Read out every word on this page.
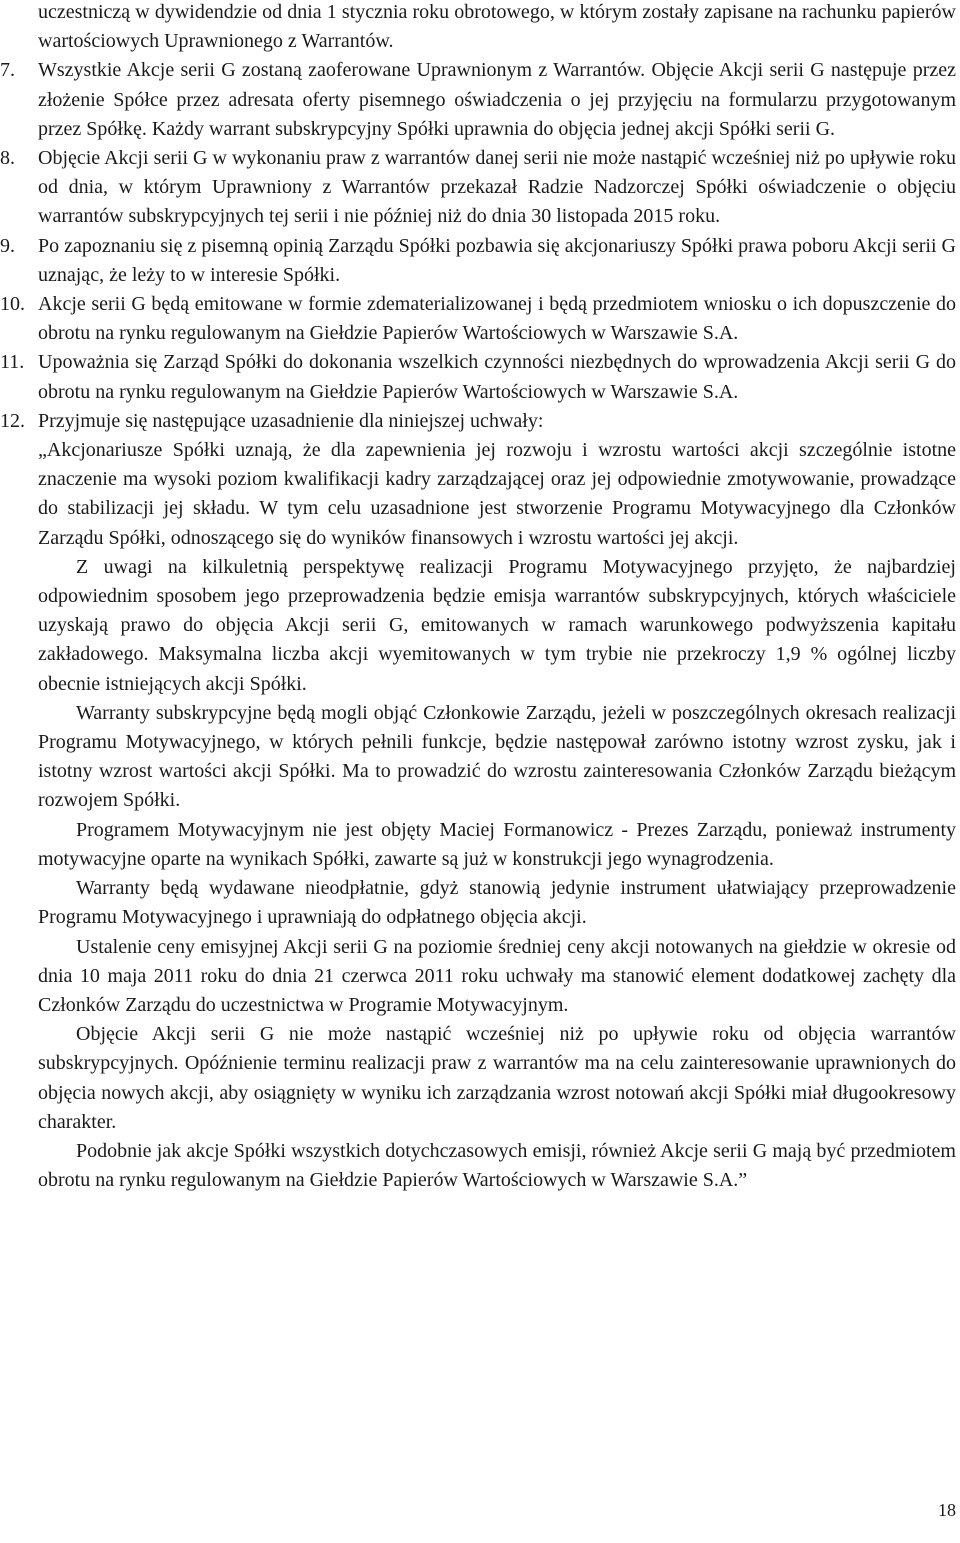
uczestniczą w dywidendzie od dnia 1 stycznia roku obrotowego, w którym zostały zapisane na rachunku papierów wartościowych Uprawnionego z Warrantów.

7.	Wszystkie Akcje serii G zostaną zaoferowane Uprawnionym z Warrantów. Objęcie Akcji serii G następuje przez złożenie Spółce przez adresata oferty pisemnego oświadczenia o jej przyjęciu na formularzu przygotowanym przez Spółkę. Każdy warrant subskrypcyjny Spółki uprawnia do objęcia jednej akcji Spółki serii G.

8.	Objęcie Akcji serii G w wykonaniu praw z warrantów danej serii nie może nastąpić wcześniej niż po upływie roku od dnia, w którym Uprawniony z Warrantów przekazał Radzie Nadzorczej Spółki oświadczenie o objęciu warrantów subskrypcyjnych tej serii i nie później niż do dnia 30 listopada 2015 roku.

9.	Po zapoznaniu się z pisemną opinią Zarządu Spółki pozbawia się akcjonariuszy Spółki prawa poboru Akcji serii G uznając, że leży to w interesie Spółki.

10. Akcje serii G będą emitowane w formie zdematerializowanej i będą przedmiotem wniosku o ich dopuszczenie do obrotu na rynku regulowanym na Giełdzie Papierów Wartościowych w Warszawie S.A.

11. Upoważnia się Zarząd Spółki do dokonania wszelkich czynności niezbędnych do wprowadzenia Akcji serii G do obrotu na rynku regulowanym na Giełdzie Papierów Wartościowych w Warszawie S.A.

12. Przyjmuje się następujące uzasadnienie dla niniejszej uchwały:

„Akcjonariusze Spółki uznają, że dla zapewnienia jej rozwoju i wzrostu wartości akcji szczególnie istotne znaczenie ma wysoki poziom kwalifikacji kadry zarządzającej oraz jej odpowiednie zmotywowanie, prowadzące do stabilizacji jej składu. W tym celu uzasadnione jest stworzenie Programu Motywacyjnego dla Członków Zarządu Spółki, odnoszącego się do wyników finansowych i wzrostu wartości jej akcji.

Z uwagi na kilkuletnią perspektywę realizacji Programu Motywacyjnego przyjęto, że najbardziej odpowiednim sposobem jego przeprowadzenia będzie emisja warrantów subskrypcyjnych, których właściciele uzyskają prawo do objęcia Akcji serii G, emitowanych w ramach warunkowego podwyższenia kapitału zakładowego. Maksymalna liczba akcji wyemitowanych w tym trybie nie przekroczy 1,9 % ogólnej liczby obecnie istniejących akcji Spółki.

Warranty subskrypcyjne będą mogli objąć Członkowie Zarządu, jeżeli w poszczególnych okresach realizacji Programu Motywacyjnego, w których pełnili funkcje, będzie następował zarówno istotny wzrost zysku, jak i istotny wzrost wartości akcji Spółki. Ma to prowadzić do wzrostu zainteresowania Członków Zarządu bieżącym rozwojem Spółki.

Programem Motywacyjnym nie jest objęty Maciej Formanowicz - Prezes Zarządu, ponieważ instrumenty motywacyjne oparte na wynikach Spółki, zawarte są już w konstrukcji jego wynagrodzenia.

Warranty będą wydawane nieodpłatnie, gdyż stanowią jedynie instrument ułatwiający przeprowadzenie Programu Motywacyjnego i uprawniają do odpłatnego objęcia akcji.

Ustalenie ceny emisyjnej Akcji serii G na poziomie średniej ceny akcji notowanych na giełdzie w okresie od dnia 10 maja 2011 roku do dnia 21 czerwca 2011 roku uchwały ma stanowić element dodatkowej zachęty dla Członków Zarządu do uczestnictwa w Programie Motywacyjnym.

Objęcie Akcji serii G nie może nastąpić wcześniej niż po upływie roku od objęcia warrantów subskrypcyjnych. Opóźnienie terminu realizacji praw z warrantów ma na celu zainteresowanie uprawnionych do objęcia nowych akcji, aby osiągnięty w wyniku ich zarządzania wzrost notowań akcji Spółki miał długookresowy charakter.

Podobnie jak akcje Spółki wszystkich dotychczasowych emisji, również Akcje serii G mają być przedmiotem obrotu na rynku regulowanym na Giełdzie Papierów Wartościowych w Warszawie S.A.”

18
